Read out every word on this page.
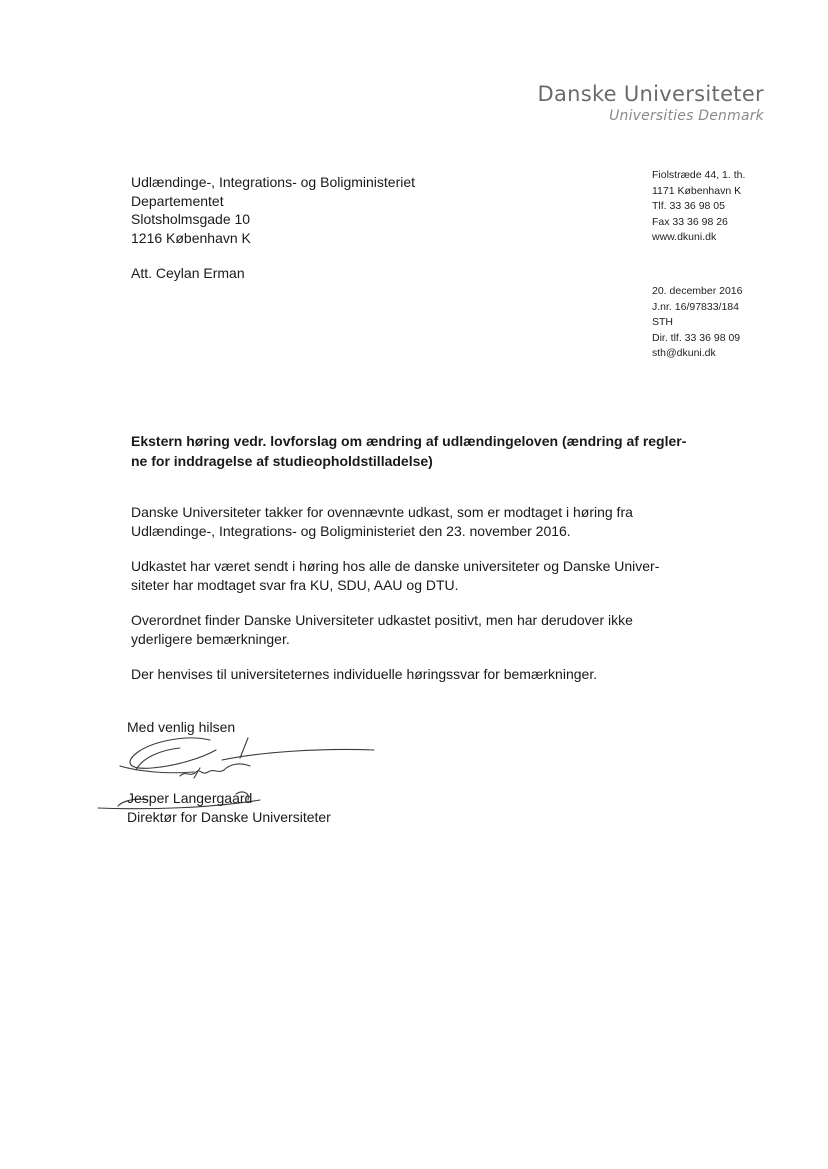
Danske Universiteter
Universities Denmark
Udlændinge-, Integrations- og Boligministeriet
Departementet
Slotsholmsgade 10
1216 København K
Att. Ceylan Erman
Fiolstræde 44, 1. th.
1171 København K
Tlf. 33 36 98 05
Fax 33 36 98 26
www.dkuni.dk
20. december 2016
J.nr. 16/97833/184
STH
Dir. tlf. 33 36 98 09
sth@dkuni.dk
Ekstern høring vedr. lovforslag om ændring af udlændingeloven (ændring af regler-
ne for inddragelse af studieopholdstilladelse)
Danske Universiteter takker for ovennævnte udkast, som er modtaget i høring fra
Udlændinge-, Integrations- og Boligministeriet den 23. november 2016.
Udkastet har været sendt i høring hos alle de danske universiteter og Danske Univer-
siteter har modtaget svar fra KU, SDU, AAU og DTU.
Overordnet finder Danske Universiteter udkastet positivt, men har derudover ikke
yderligere bemærkninger.
Der henvises til universiteternes individuelle høringssvar for bemærkninger.
Med venlig hilsen
Jesper Langergaard
Direktør for Danske Universiteter
